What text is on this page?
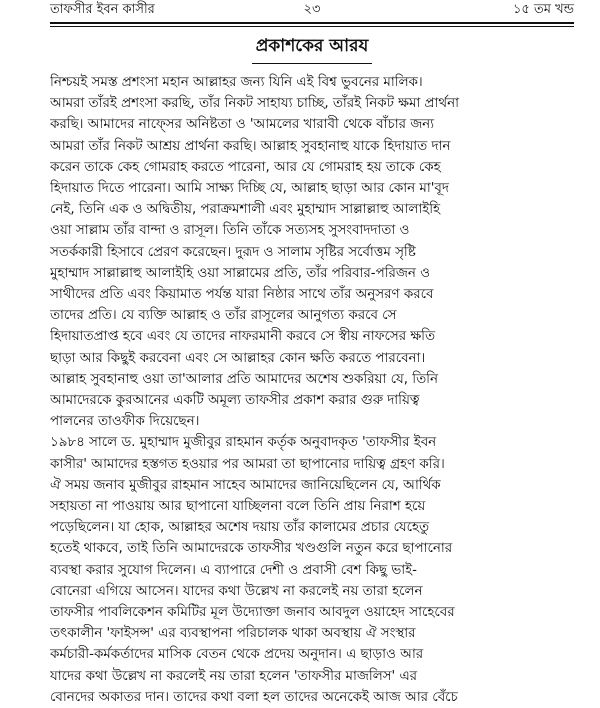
তাফসীর ইবন কাসীর	২৩	১৫ তম খন্ড
প্রকাশকের আরয
নিশ্চয়ই সমস্ত প্রশংসা মহান আল্লাহর জন্য যিনি এই বিশ্ব ভুবনের মালিক।
আমরা তাঁরই প্রশংসা করছি, তাঁর নিকট সাহায্য চাচ্ছি, তাঁরই নিকট ক্ষমা প্রার্থনা
করছি। আমাদের নাফ্সের অনিষ্টতা ও 'আমলের খারাবী থেকে বাঁচার জন্য
আমরা তাঁর নিকট আশ্রয় প্রার্থনা করছি। আল্লাহ সুবহানাহু যাকে হিদায়াত দান
করেন তাকে কেহ গোমরাহ করতে পারেনা, আর যে গোমরাহ হয় তাকে কেহ
হিদায়াত দিতে পারেনা। আমি সাক্ষ্য দিচ্ছি যে, আল্লাহ ছাড়া আর কোন মা'বূদ
নেই, তিনি এক ও অদ্বিতীয়, পরাক্রমশালী এবং মুহাম্মাদ সাল্লাল্লাহু আলাইহি
ওয়া সাল্লাম তাঁর বান্দা ও রাসূল। তিনি তাঁকে সত্যসহ সুসংবাদদাতা ও
সতর্ককারী হিসাবে প্রেরণ করেছেন। দুরূদ ও সালাম সৃষ্টির সর্বোত্তম সৃষ্টি
মুহাম্মাদ সাল্লাল্লাহু আলাইহি ওয়া সাল্লামের প্রতি, তাঁর পরিবার-পরিজন ও
সাথীদের প্রতি এবং কিয়ামাত পর্যন্ত যারা নিষ্ঠার সাথে তাঁর অনুসরণ করবে
তাদের প্রতি। যে ব্যক্তি আল্লাহ ও তাঁর রাসূলের আনুগত্য করবে সে
হিদায়াতপ্রাপ্ত হবে এবং যে তাদের নাফরমানী করবে সে স্বীয় নাফসের ক্ষতি
ছাড়া আর কিছুই করবেনা এবং সে আল্লাহর কোন ক্ষতি করতে পারবেনা।
আল্লাহ সুবহানাহু ওয়া তা'আলার প্রতি আমাদের অশেষ শুকরিয়া যে, তিনি
আমাদেরকে কুরআনের একটি অমূল্য তাফসীর প্রকাশ করার গুরু দায়িত্ব
পালনের তাওফীক দিয়েছেন।
১৯৮৪ সালে ড. মুহাম্মাদ মুজীবুর রাহমান কর্তৃক অনুবাদকৃত 'তাফসীর ইবন
কাসীর' আমাদের হস্তগত হওয়ার পর আমরা তা ছাপানোর দায়িত্ব গ্রহণ করি।
ঐ সময় জনাব মুজীবুর রাহমান সাহেব আমাদের জানিয়েছিলেন যে, আর্থিক
সহায়তা না পাওয়ায় আর ছাপানো যাচ্ছিলনা বলে তিনি প্রায় নিরাশ হয়ে
পড়েছিলেন। যা হোক, আল্লাহর অশেষ দয়ায় তাঁর কালামের প্রচার যেহেতু
হতেই থাকবে, তাই তিনি আমাদেরকে তাফসীর খণ্ডগুলি নতুন করে ছাপানোর
ব্যবস্থা করার সুযোগ দিলেন। এ ব্যাপারে দেশী ও প্রবাসী বেশ কিছু ভাই-
বোনেরা এগিয়ে আসেন। যাদের কথা উল্লেখ না করলেই নয় তারা হলেন
তাফসীর পাবলিকেশন কমিটির মূল উদ্যোক্তা জনাব আবদুল ওয়াহেদ সাহেবের
তৎকালীন 'ফাইসন্স' এর ব্যবস্থাপনা পরিচালক থাকা অবস্থায় ঐ সংস্থার
কর্মচারী-কর্মকর্তাদের মাসিক বেতন থেকে প্রদেয় অনুদান। এ ছাড়াও আর
যাদের কথা উল্লেখ না করলেই নয় তারা হলেন 'তাফসীর মাজলিস' এর
বোনদের অকাতর দান। তাদের কথা বলা হল তাদের অনেকেই আজ আর বেঁচে
